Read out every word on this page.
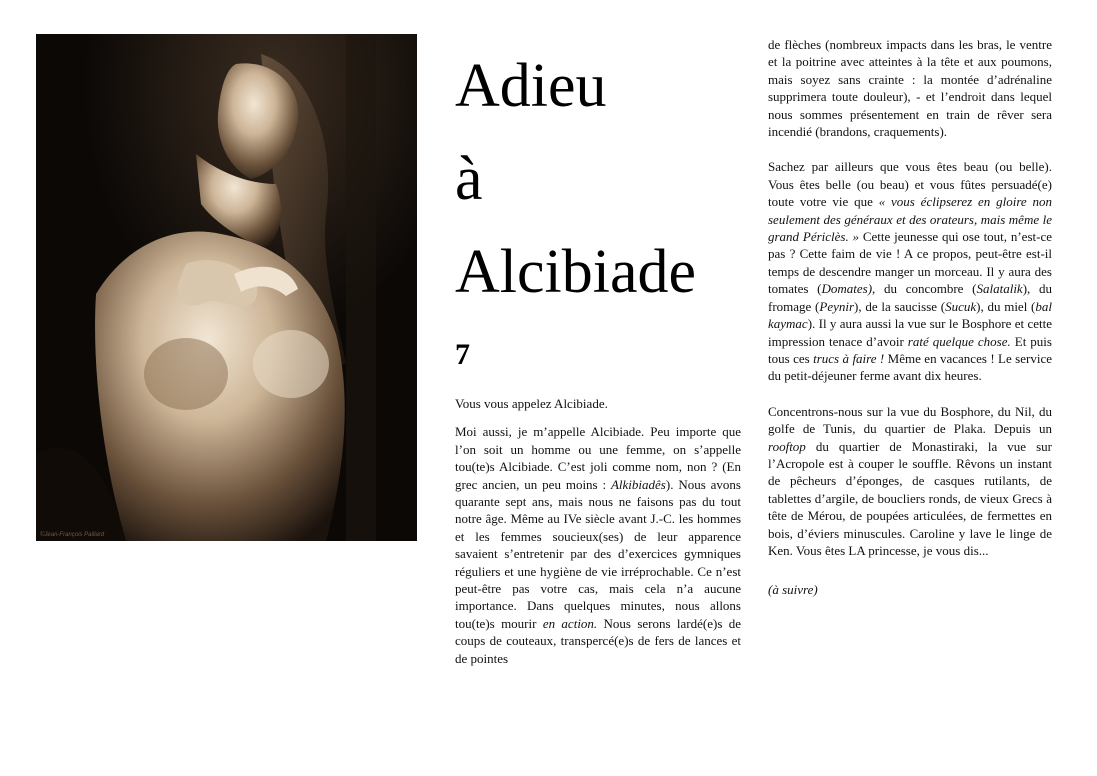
©Jean-François Paillard
Adieu
à
Alcibiade
7

Vous vous appelez Alcibiade.

Moi aussi, je m’appelle Alcibiade. Peu importe que l’on soit un homme ou une femme, on s’appelle tou(te)s Alcibiade. C’est joli comme nom, non ? (En grec ancien, un peu moins : Alkibiadês). Nous avons quarante sept ans, mais nous ne faisons pas du tout notre âge. Même au IVe siècle avant J.-C. les hommes et les femmes soucieux(ses) de leur apparence savaient s’entretenir par des d’exercices gymniques réguliers et une hygiène de vie irréprochable. Ce n’est peut-être pas votre cas, mais cela n’a aucune importance. Dans quelques minutes, nous allons tou(te)s mourir en action. Nous serons lardé(e)s de coups de couteaux, transpercé(e)s de fers de lances et de pointes

de flèches (nombreux impacts dans les bras, le ventre et la poitrine avec atteintes à la tête et aux poumons, mais soyez sans crainte : la montée d’adrénaline supprimera toute douleur), - et l’endroit dans lequel nous sommes présentement en train de rêver sera incendié (brandons, craquements).

Sachez par ailleurs que vous êtes beau (ou belle). Vous êtes belle (ou beau) et vous fûtes persuadé(e) toute votre vie que « vous éclipserez en gloire non seulement des généraux et des orateurs, mais même le grand Périclès. » Cette jeunesse qui ose tout, n’est-ce pas ? Cette faim de vie ! A ce propos, peut-être est-il temps de descendre manger un morceau. Il y aura des tomates (Domates), du concombre (Salatalik), du fromage (Peynir), de la saucisse (Sucuk), du miel (bal kaymac). Il y aura aussi la vue sur le Bosphore et cette impression tenace d’avoir raté quelque chose. Et puis tous ces trucs à faire ! Même en vacances ! Le service du petit-déjeuner ferme avant dix heures.

Concentrons-nous sur la vue du Bosphore, du Nil, du golfe de Tunis, du quartier de Plaka. Depuis un rooftop du quartier de Monastiraki, la vue sur l’Acropole est à couper le souffle. Rêvons un instant de pêcheurs d’éponges, de casques rutilants, de tablettes d’argile, de boucliers ronds, de vieux Grecs à tête de Mérou, de poupées articulées, de fermettes en bois, d’éviers minuscules. Caroline y lave le linge de Ken. Vous êtes LA princesse, je vous dis...

(à suivre)
